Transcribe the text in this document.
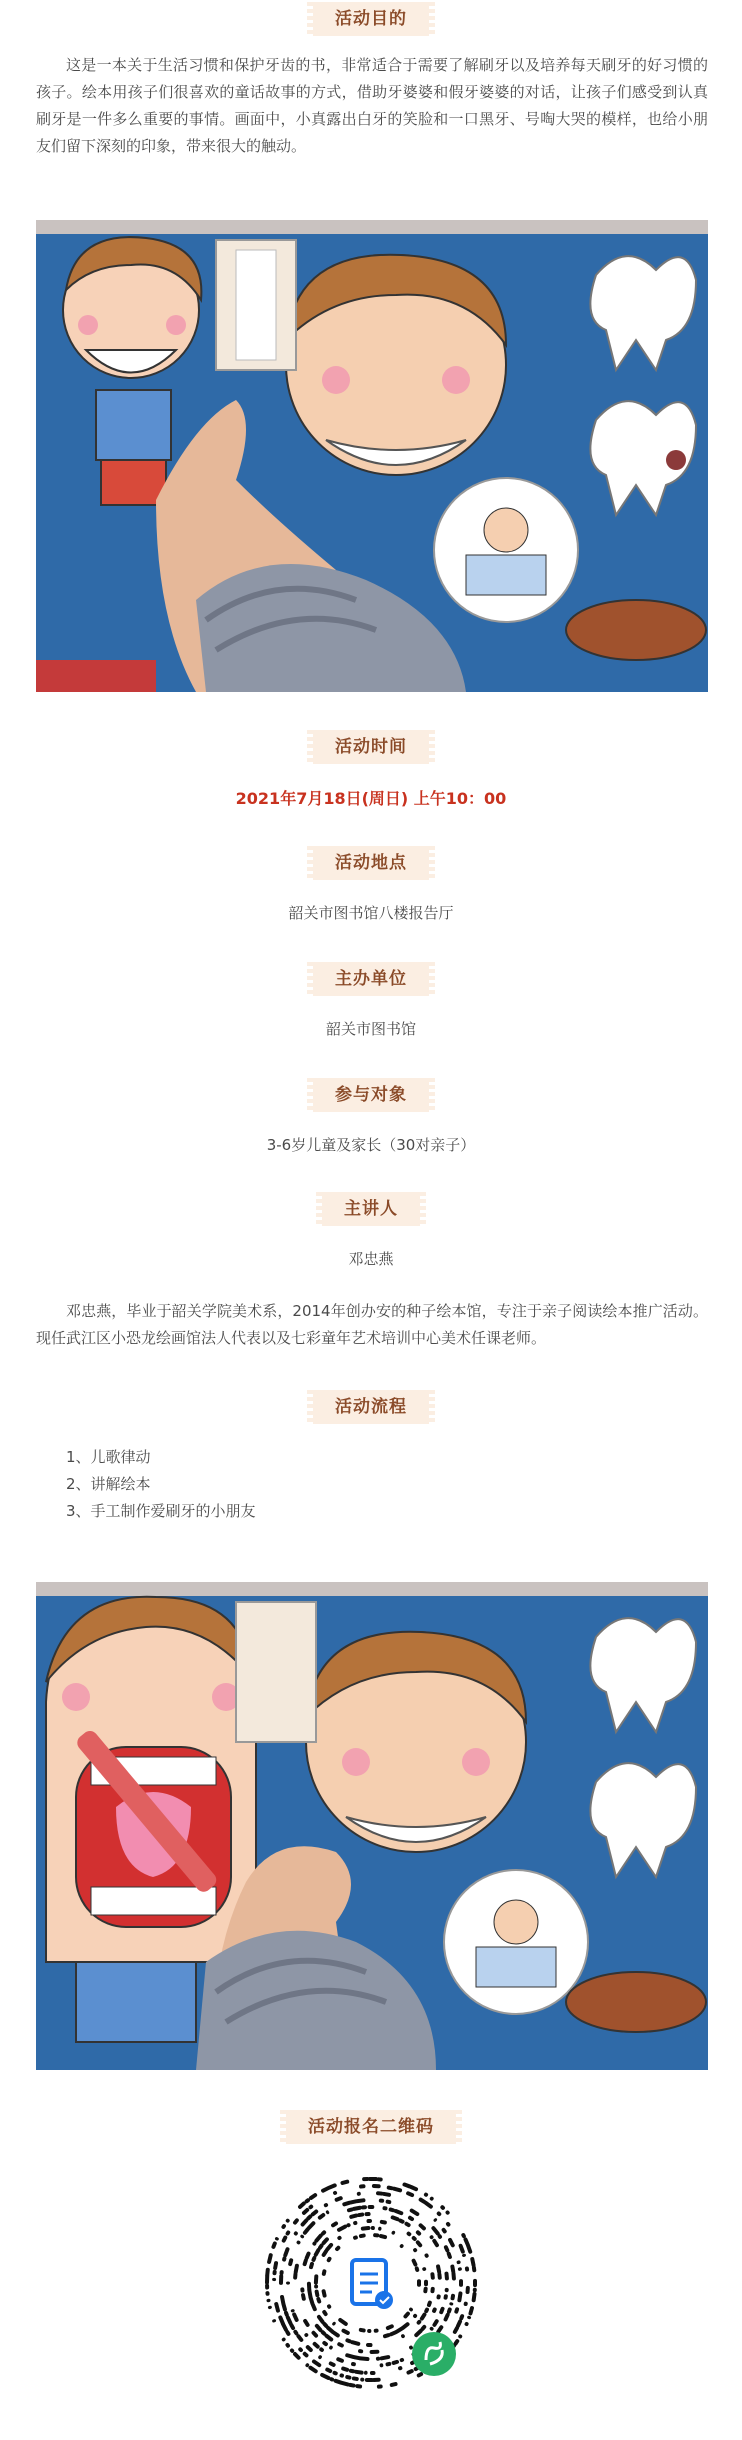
活动目的
这是一本关于生活习惯和保护牙齿的书，非常适合于需要了解刷牙以及培养每天刷牙的好习惯的孩子。绘本用孩子们很喜欢的童话故事的方式，借助牙婆婆和假牙婆婆的对话，让孩子们感受到认真刷牙是一件多么重要的事情。画面中，小真露出白牙的笑脸和一口黑牙、号啕大哭的模样，也给小朋友们留下深刻的印象，带来很大的触动。
活动时间
2021年7月18日(周日) 上午10：00
活动地点
韶关市图书馆八楼报告厅
主办单位
韶关市图书馆
参与对象
3-6岁儿童及家长（30对亲子）
主讲人
邓忠燕
邓忠燕，毕业于韶关学院美术系，2014年创办安的种子绘本馆，专注于亲子阅读绘本推广活动。现任武江区小恐龙绘画馆法人代表以及七彩童年艺术培训中心美术任课老师。
活动流程
1、儿歌律动
2、讲解绘本
3、手工制作爱刷牙的小朋友
活动报名二维码
